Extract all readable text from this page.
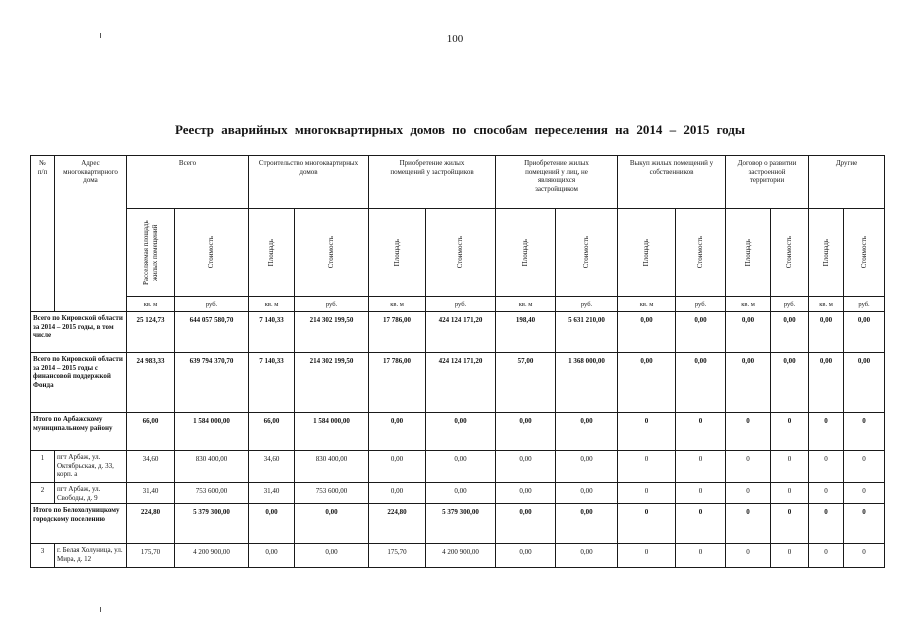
100
Реестр аварийных многоквартирных домов по способам переселения на 2014 – 2015 годы
№ п/п	Адрес многоквартирного дома	Всего		Строительство многоквартирных домов		Приобретение жилых помещений у застройщиков		Приобретение жилых помещений у лиц, не являющихся застройщиком		Выкуп жилых помещений у собственников		Договор о развитии застроенной территории		Другие	

		Расселяемая площадь жилых помещений	Стоимость	Площадь	Стоимость	Площадь	Стоимость	Площадь	Стоимость	Площадь	Стоимость	Площадь	Стоимость	Площадь	Стоимость

		кв. м	руб.	кв. м	руб.	кв. м	руб.	кв. м	руб.	кв. м	руб.	кв. м	руб.	кв. м	руб.
Всего по Кировской области за 2014 – 2015 годы, в том числе		25 124,73	644 057 580,70	7 140,33	214 302 199,50	17 786,00	424 124 171,20	198,40	5 631 210,00	0,00	0,00	0,00	0,00	0,00	0,00
Всего по Кировской области за 2014 – 2015 годы с финансовой поддержкой Фонда		24 983,33	639 794 370,70	7 140,33	214 302 199,50	17 786,00	424 124 171,20	57,00	1 368 000,00	0,00	0,00	0,00	0,00	0,00	0,00
Итого по Арбажскому муниципальному району		66,00	1 584 000,00	66,00	1 584 000,00	0,00	0,00	0,00	0,00	0	0	0	0	0	0
1	пгт Арбаж, ул. Октябрьская, д. 33, корп. а	34,60	830 400,00	34,60	830 400,00	0,00	0,00	0,00	0,00	0	0	0	0	0	0
2	пгт Арбаж, ул. Свободы, д. 9	31,40	753 600,00	31,40	753 600,00	0,00	0,00	0,00	0,00	0	0	0	0	0	0
Итого по Белохолуницкому городскому поселению		224,80	5 379 300,00	0,00	0,00	224,80	5 379 300,00	0,00	0,00	0	0	0	0	0	0
3	г. Белая Холуница, ул. Мира, д. 12	175,70	4 200 900,00	0,00	0,00	175,70	4 200 900,00	0,00	0,00	0	0	0	0	0	0
